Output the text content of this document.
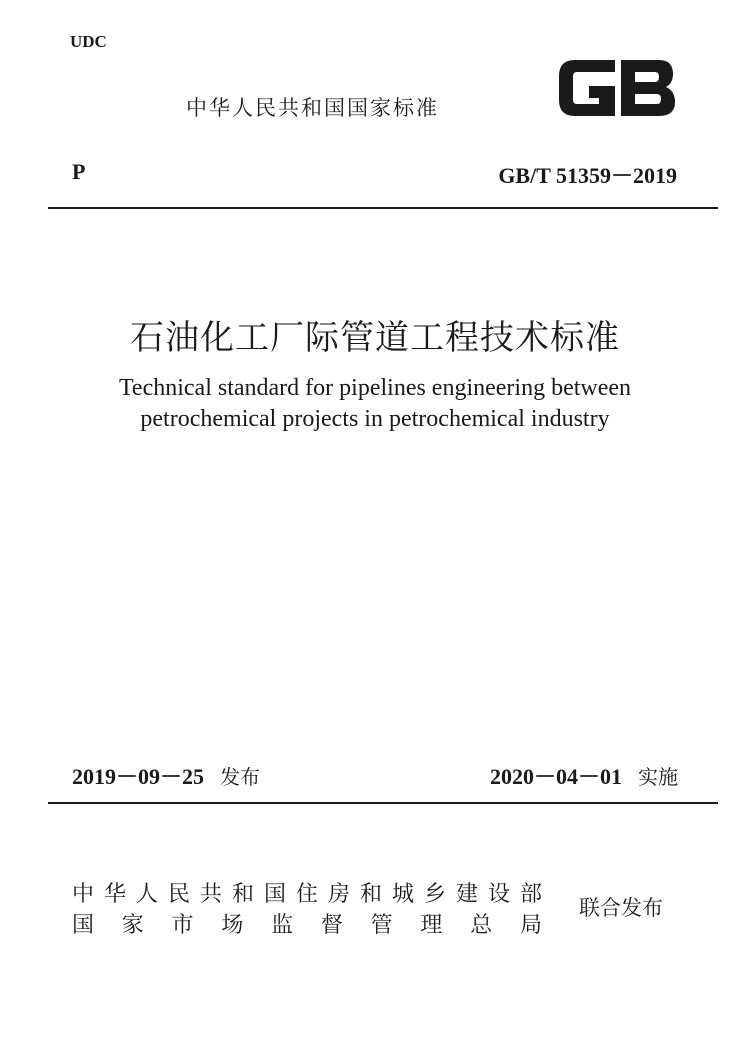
UDC
中华人民共和国国家标准
P	GB/T 51359－2019
石油化工厂际管道工程技术标准
Technical standard for pipelines engineering between
petrochemical projects in petrochemical industry
2019－09－25 发布	2020－04－01 实施
中华人民共和国住房和城乡建设部
国家市场监督管理总局
联合发布
